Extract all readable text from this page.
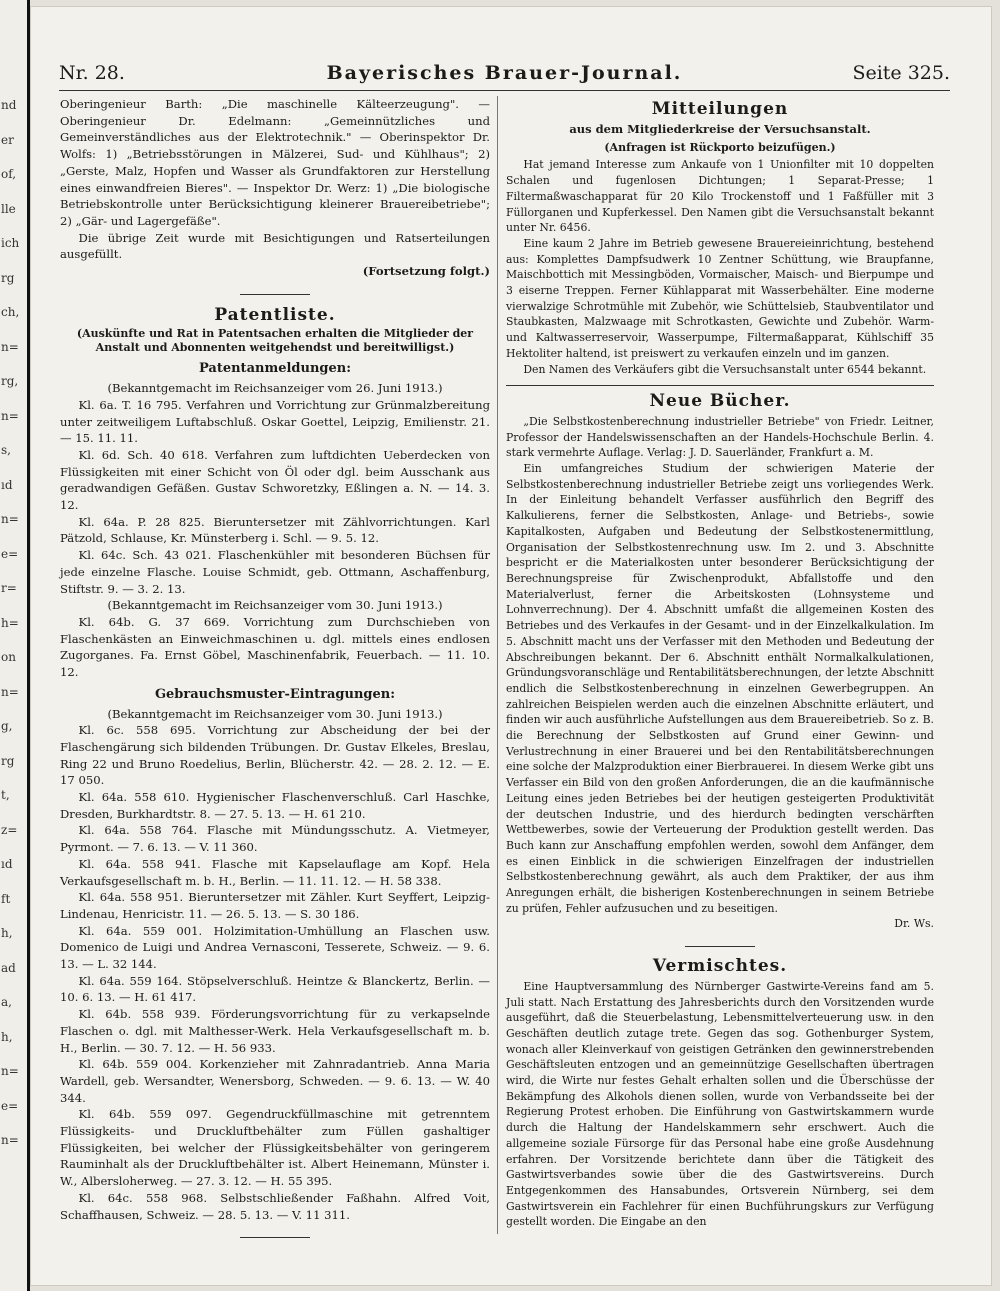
nd
er
of,
lle
ich
rg
ch,
n=
rg,
n=
s,
ıd
n=
e=
r=
h=
on
n=
g,
rg
t,
z=
ıd
ft
h,
ad
a,
h,
n=
e=
n=
Nr. 28.	Bayerisches Brauer-Journal.	Seite 325.

Oberingenieur Barth: „Die maschinelle Kälteerzeugung". — Oberingenieur Dr. Edelmann: „Gemeinnützliches und Gemeinverständliches aus der Elektrotechnik." — Oberinspektor Dr. Wolfs: 1) „Betriebsstörungen in Mälzerei, Sud- und Kühlhaus"; 2) „Gerste, Malz, Hopfen und Wasser als Grundfaktoren zur Herstellung eines einwandfreien Bieres". — Inspektor Dr. Werz: 1) „Die biologische Betriebskontrolle unter Berücksichtigung kleinerer Brauereibetriebe"; 2) „Gär- und Lagergefäße".

Die übrige Zeit wurde mit Besichtigungen und Ratserteilungen ausgefüllt.

(Fortsetzung folgt.)

Patentliste.

(Auskünfte und Rat in Patentsachen erhalten die Mitglieder der Anstalt und Abonnenten weitgehendst und bereitwilligst.)

Patentanmeldungen:

(Bekanntgemacht im Reichsanzeiger vom 26. Juni 1913.)

Kl. 6a. T. 16 795. Verfahren und Vorrichtung zur Grünmalzbereitung unter zeitweiligem Luftabschluß. Oskar Goettel, Leipzig, Emilienstr. 21. — 15. 11. 11.

Kl. 6d. Sch. 40 618. Verfahren zum luftdichten Ueberdecken von Flüssigkeiten mit einer Schicht von Öl oder dgl. beim Ausschank aus geradwandigen Gefäßen. Gustav Schworetzky, Eßlingen a. N. — 14. 3. 12.

Kl. 64a. P. 28 825. Bieruntersetzer mit Zählvorrichtungen. Karl Pätzold, Schlause, Kr. Münsterberg i. Schl. — 9. 5. 12.

Kl. 64c. Sch. 43 021. Flaschenkühler mit besonderen Büchsen für jede einzelne Flasche. Louise Schmidt, geb. Ottmann, Aschaffenburg, Stiftstr. 9. — 3. 2. 13.

(Bekanntgemacht im Reichsanzeiger vom 30. Juni 1913.)

Kl. 64b. G. 37 669. Vorrichtung zum Durchschieben von Flaschenkästen an Einweichmaschinen u. dgl. mittels eines endlosen Zugorganes. Fa. Ernst Göbel, Maschinenfabrik, Feuerbach. — 11. 10. 12.

Gebrauchsmuster-Eintragungen:

(Bekanntgemacht im Reichsanzeiger vom 30. Juni 1913.)

Kl. 6c. 558 695. Vorrichtung zur Abscheidung der bei der Flaschengärung sich bildenden Trübungen. Dr. Gustav Elkeles, Breslau, Ring 22 und Bruno Roedelius, Berlin, Blücherstr. 42. — 28. 2. 12. — E. 17 050.

Kl. 64a. 558 610. Hygienischer Flaschenverschluß. Carl Haschke, Dresden, Burkhardtstr. 8. — 27. 5. 13. — H. 61 210.

Kl. 64a. 558 764. Flasche mit Mündungsschutz. A. Vietmeyer, Pyrmont. — 7. 6. 13. — V. 11 360.

Kl. 64a. 558 941. Flasche mit Kapselauflage am Kopf. Hela Verkaufsgesellschaft m. b. H., Berlin. — 11. 11. 12. — H. 58 338.

Kl. 64a. 558 951. Bieruntersetzer mit Zähler. Kurt Seyffert, Leipzig-Lindenau, Henricistr. 11. — 26. 5. 13. — S. 30 186.

Kl. 64a. 559 001. Holzimitation-Umhüllung an Flaschen usw. Domenico de Luigi und Andrea Vernasconi, Tesserete, Schweiz. — 9. 6. 13. — L. 32 144.

Kl. 64a. 559 164. Stöpselverschluß. Heintze & Blanckertz, Berlin. — 10. 6. 13. — H. 61 417.

Kl. 64b. 558 939. Förderungsvorrichtung für zu verkapselnde Flaschen o. dgl. mit Malthesser-Werk. Hela Verkaufsgesellschaft m. b. H., Berlin. — 30. 7. 12. — H. 56 933.

Kl. 64b. 559 004. Korkenzieher mit Zahnradantrieb. Anna Maria Wardell, geb. Wersandter, Wenersborg, Schweden. — 9. 6. 13. — W. 40 344.

Kl. 64b. 559 097. Gegendruckfüllmaschine mit getrenntem Flüssigkeits- und Druckluftbehälter zum Füllen gashaltiger Flüssigkeiten, bei welcher der Flüssigkeitsbehälter von geringerem Rauminhalt als der Druckluftbehälter ist. Albert Heinemann, Münster i. W., Albersloherweg. — 27. 3. 12. — H. 55 395.

Kl. 64c. 558 968. Selbstschließender Faßhahn. Alfred Voit, Schaffhausen, Schweiz. — 28. 5. 13. — V. 11 311.

Mitteilungen
aus dem Mitgliederkreise der Versuchsanstalt.

(Anfragen ist Rückporto beizufügen.)

Hat jemand Interesse zum Ankaufe von 1 Unionfilter mit 10 doppelten Schalen und fugenlosen Dichtungen; 1 Separat-Presse; 1 Filtermaßwaschapparat für 20 Kilo Trockenstoff und 1 Faßfüller mit 3 Füllorganen und Kupferkessel. Den Namen gibt die Versuchsanstalt bekannt unter Nr. 6456.

Eine kaum 2 Jahre im Betrieb gewesene Brauereieinrichtung, bestehend aus: Komplettes Dampfsudwerk 10 Zentner Schüttung, wie Braupfanne, Maischbottich mit Messingböden, Vormaischer, Maisch- und Bierpumpe und 3 eiserne Treppen. Ferner Kühlapparat mit Wasserbehälter. Eine moderne vierwalzige Schrotmühle mit Zubehör, wie Schüttelsieb, Staubventilator und Staubkasten, Malzwaage mit Schrotkasten, Gewichte und Zubehör. Warm- und Kaltwasserreservoir, Wasserpumpe, Filtermaßapparat, Kühlschiff 35 Hektoliter haltend, ist preiswert zu verkaufen einzeln und im ganzen.

Den Namen des Verkäufers gibt die Versuchsanstalt unter 6544 bekannt.

Neue Bücher.

„Die Selbstkostenberechnung industrieller Betriebe" von Friedr. Leitner, Professor der Handelswissenschaften an der Handels-Hochschule Berlin. 4. stark vermehrte Auflage. Verlag: J. D. Sauerländer, Frankfurt a. M.

Ein umfangreiches Studium der schwierigen Materie der Selbstkostenberechnung industrieller Betriebe zeigt uns vorliegendes Werk. In der Einleitung behandelt Verfasser ausführlich den Begriff des Kalkulierens, ferner die Selbstkosten, Anlage- und Betriebs-, sowie Kapitalkosten, Aufgaben und Bedeutung der Selbstkostenermittlung, Organisation der Selbstkostenrechnung usw. Im 2. und 3. Abschnitte bespricht er die Materialkosten unter besonderer Berücksichtigung der Berechnungspreise für Zwischenprodukt, Abfallstoffe und den Materialverlust, ferner die Arbeitskosten (Lohnsysteme und Lohnverrechnung). Der 4. Abschnitt umfaßt die allgemeinen Kosten des Betriebes und des Verkaufes in der Gesamt- und in der Einzelkalkulation. Im 5. Abschnitt macht uns der Verfasser mit den Methoden und Bedeutung der Abschreibungen bekannt. Der 6. Abschnitt enthält Normalkalkulationen, Gründungsvoranschläge und Rentabilitätsberechnungen, der letzte Abschnitt endlich die Selbstkostenberechnung in einzelnen Gewerbegruppen. An zahlreichen Beispielen werden auch die einzelnen Abschnitte erläutert, und finden wir auch ausführliche Aufstellungen aus dem Brauereibetrieb. So z. B. die Berechnung der Selbstkosten auf Grund einer Gewinn- und Verlustrechnung in einer Brauerei und bei den Rentabilitätsberechnungen eine solche der Malzproduktion einer Bierbrauerei. In diesem Werke gibt uns Verfasser ein Bild von den großen Anforderungen, die an die kaufmännische Leitung eines jeden Betriebes bei der heutigen gesteigerten Produktivität der deutschen Industrie, und des hierdurch bedingten verschärften Wettbewerbes, sowie der Verteuerung der Produktion gestellt werden. Das Buch kann zur Anschaffung empfohlen werden, sowohl dem Anfänger, dem es einen Einblick in die schwierigen Einzelfragen der industriellen Selbstkostenberechnung gewährt, als auch dem Praktiker, der aus ihm Anregungen erhält, die bisherigen Kostenberechnungen in seinem Betriebe zu prüfen, Fehler aufzusuchen und zu beseitigen.

Dr. Ws.

Vermischtes.

Eine Hauptversammlung des Nürnberger Gastwirte-Vereins fand am 5. Juli statt. Nach Erstattung des Jahresberichts durch den Vorsitzenden wurde ausgeführt, daß die Steuerbelastung, Lebensmittelverteuerung usw. in den Geschäften deutlich zutage trete. Gegen das sog. Gothenburger System, wonach aller Kleinverkauf von geistigen Getränken den gewinnerstrebenden Geschäftsleuten entzogen und an gemeinnützige Gesellschaften übertragen wird, die Wirte nur festes Gehalt erhalten sollen und die Überschüsse der Bekämpfung des Alkohols dienen sollen, wurde von Verbandsseite bei der Regierung Protest erhoben. Die Einführung von Gastwirtskammern wurde durch die Haltung der Handelskammern sehr erschwert. Auch die allgemeine soziale Fürsorge für das Personal habe eine große Ausdehnung erfahren. Der Vorsitzende berichtete dann über die Tätigkeit des Gastwirtsverbandes sowie über die des Gastwirtsvereins. Durch Entgegenkommen des Hansabundes, Ortsverein Nürnberg, sei dem Gastwirtsverein ein Fachlehrer für einen Buchführungskurs zur Verfügung gestellt worden. Die Eingabe an den
